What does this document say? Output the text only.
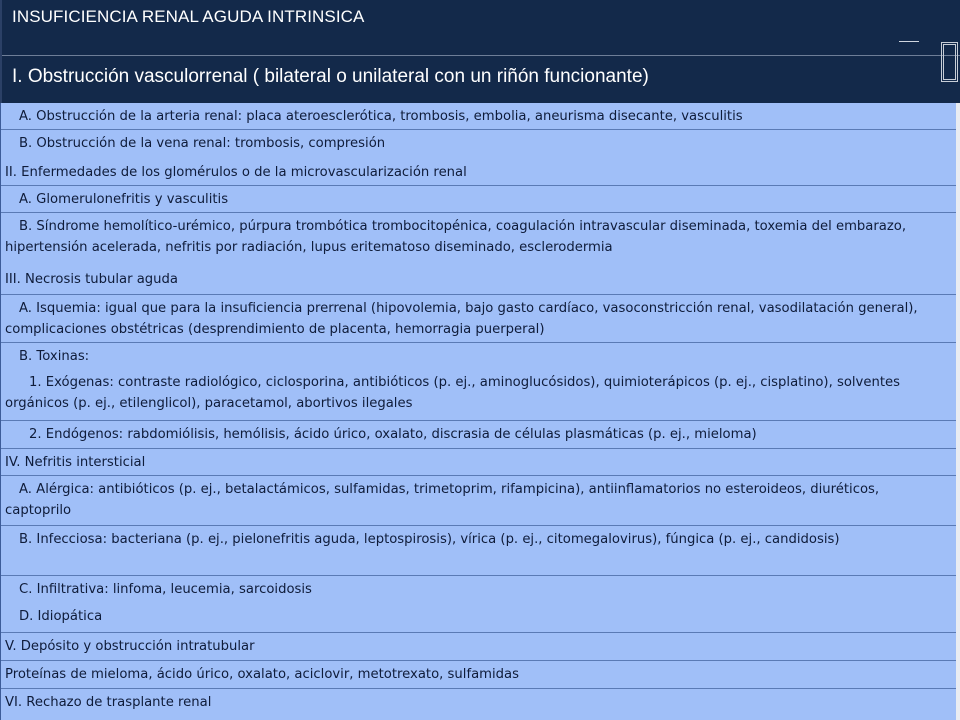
INSUFICIENCIA RENAL AGUDA INTRINSICA
I. Obstrucción vasculorrenal ( bilateral o unilateral con un riñón funcionante)
A. Obstrucción de la arteria renal: placa ateroesclerótica, trombosis, embolia, aneurisma disecante, vasculitis
B. Obstrucción de la vena renal: trombosis, compresión
II. Enfermedades de los glomérulos o de la microvascularización renal
A. Glomerulonefritis y vasculitis
B. Síndrome hemolítico-urémico, púrpura trombótica trombocitopénica, coagulación intravascular diseminada, toxemia del embarazo, hipertensión acelerada, nefritis por radiación, lupus eritematoso diseminado, esclerodermia
III. Necrosis tubular aguda
A. Isquemia: igual que para la insuficiencia prerrenal (hipovolemia, bajo gasto cardíaco, vasoconstricción renal, vasodilatación general), complicaciones obstétricas (desprendimiento de placenta, hemorragia puerperal)
B. Toxinas:
1. Exógenas: contraste radiológico, ciclosporina, antibióticos (p. ej., aminoglucósidos), quimioterápicos (p. ej., cisplatino), solventes orgánicos (p. ej., etilenglicol), paracetamol, abortivos ilegales
2. Endógenos: rabdomiólisis, hemólisis, ácido úrico, oxalato, discrasia de células plasmáticas (p. ej., mieloma)
IV. Nefritis intersticial
A. Alérgica: antibióticos (p. ej., betalactámicos, sulfamidas, trimetoprim, rifampicina), antiinflamatorios no esteroideos, diuréticos, captoprilo
B. Infecciosa: bacteriana (p. ej., pielonefritis aguda, leptospirosis), vírica (p. ej., citomegalovirus), fúngica (p. ej., candidosis)
C. Infiltrativa: linfoma, leucemia, sarcoidosis
D. Idiopática
V. Depósito y obstrucción intratubular
Proteínas de mieloma, ácido úrico, oxalato, aciclovir, metotrexato, sulfamidas
VI. Rechazo de trasplante renal
